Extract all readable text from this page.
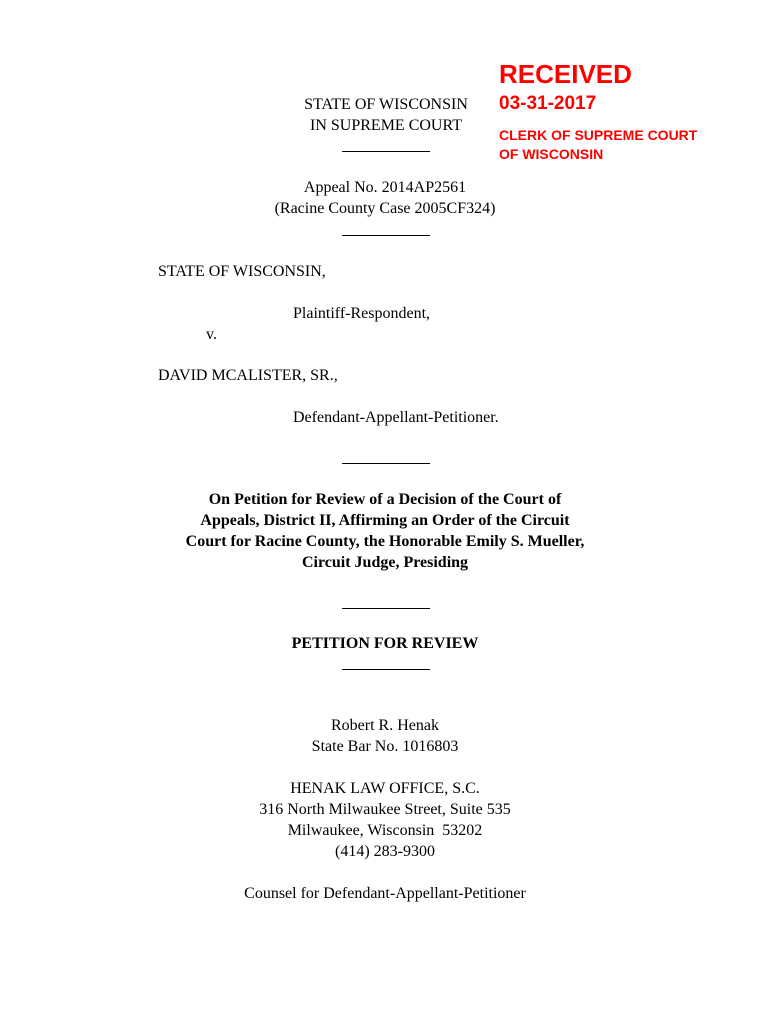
RECEIVED
03-31-2017
CLERK OF SUPREME COURT
OF WISCONSIN
STATE OF WISCONSIN
IN SUPREME COURT
Appeal No. 2014AP2561
(Racine County Case 2005CF324)
STATE OF WISCONSIN,
Plaintiff-Respondent,
v.
DAVID MCALISTER, SR.,
Defendant-Appellant-Petitioner.
On Petition for Review of a Decision of the Court of
Appeals, District II, Affirming an Order of the Circuit
Court for Racine County, the Honorable Emily S. Mueller,
Circuit Judge, Presiding
PETITION FOR REVIEW
Robert R. Henak
State Bar No. 1016803
HENAK LAW OFFICE, S.C.
316 North Milwaukee Street, Suite 535
Milwaukee, Wisconsin  53202
(414) 283-9300
Counsel for Defendant-Appellant-Petitioner
